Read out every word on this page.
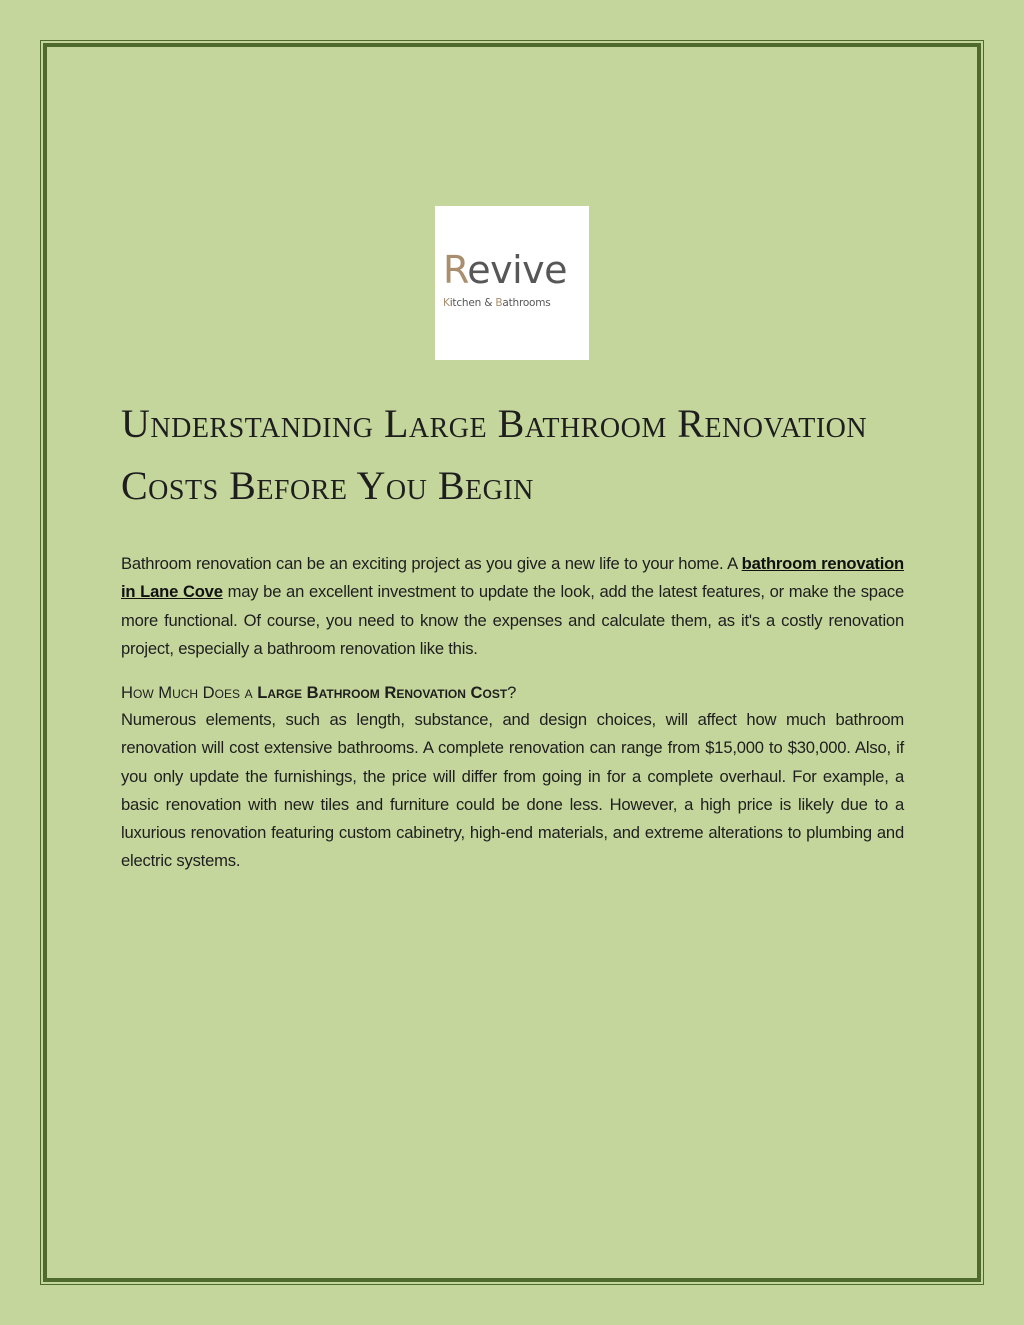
Revive
Kitchen & Bathrooms
Understanding Large Bathroom Renovation Costs Before You Begin

Bathroom renovation can be an exciting project as you give a new life to your home. A bathroom renovation in Lane Cove may be an excellent investment to update the look, add the latest features, or make the space more functional. Of course, you need to know the expenses and calculate them, as it's a costly renovation project, especially a bathroom renovation like this.

How Much Does a Large Bathroom Renovation Cost?

Numerous elements, such as length, substance, and design choices, will affect how much bathroom renovation will cost extensive bathrooms. A complete renovation can range from $15,000 to $30,000. Also, if you only update the furnishings, the price will differ from going in for a complete overhaul. For example, a basic renovation with new tiles and furniture could be done less. However, a high price is likely due to a luxurious renovation featuring custom cabinetry, high-end materials, and extreme alterations to plumbing and electric systems.
